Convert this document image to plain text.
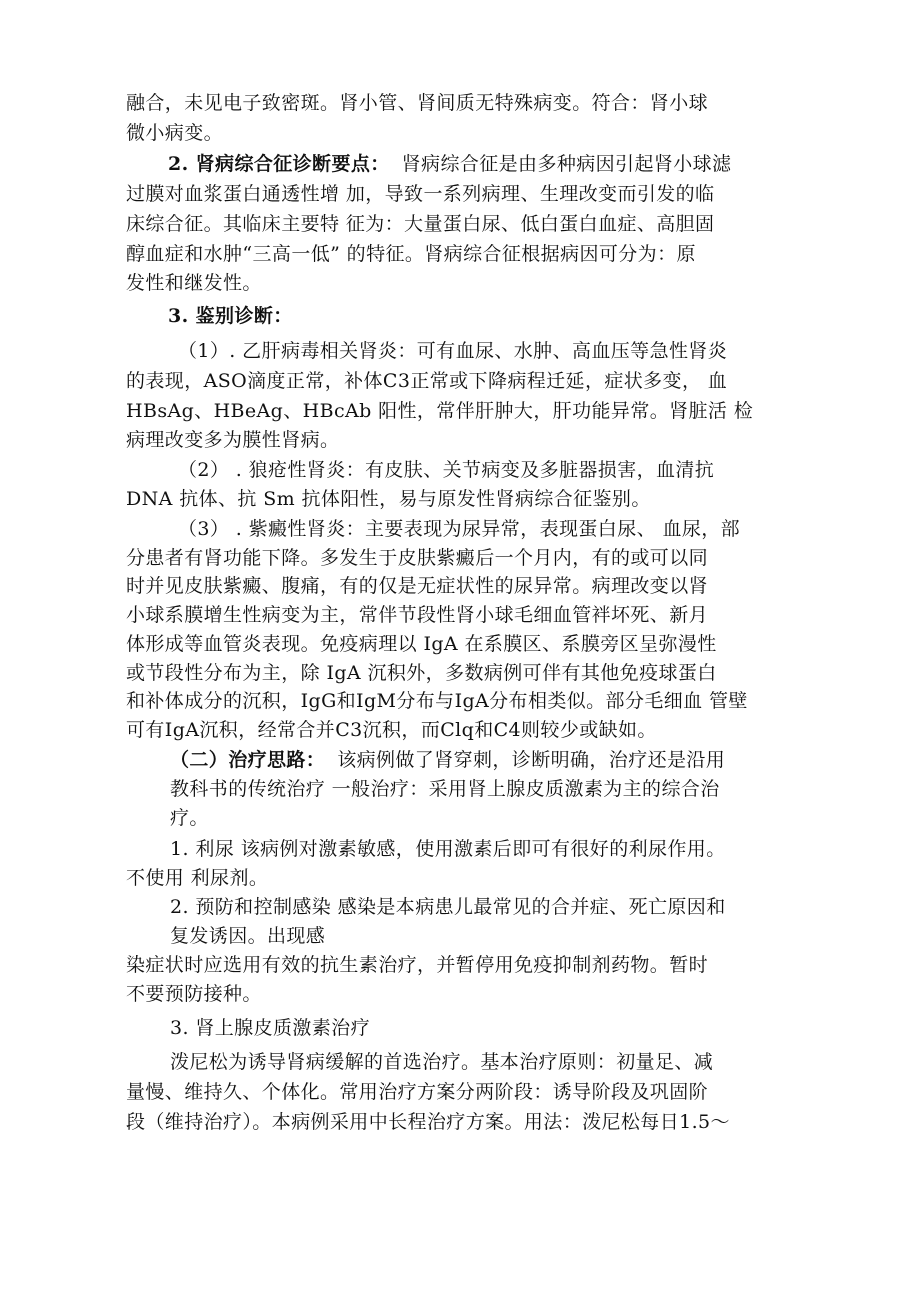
融合，未见电子致密斑。肾小管、肾间质无特殊病变。符合：肾小球
微小病变。
2. 肾病综合征诊断要点： 肾病综合征是由多种病因引起肾小球滤
过膜对血浆蛋白通透性增 加，导致一系列病理、生理改变而引发的临
床综合征。其临床主要特 征为：大量蛋白尿、低白蛋白血症、高胆固
醇血症和水肿“三高一低” 的特征。肾病综合征根据病因可分为：原
发性和继发性。
3. 鉴别诊断：
（1）. 乙肝病毒相关肾炎：可有血尿、水肿、高血压等急性肾炎
的表现，ASO滴度正常，补体C3正常或下降病程迁延，症状多变， 血
HBsAg、HBeAg、HBcAb 阳性，常伴肝肿大，肝功能异常。肾脏活 检
病理改变多为膜性肾病。
（2） . 狼疮性肾炎：有皮肤、关节病变及多脏器损害，血清抗
DNA 抗体、抗 Sm 抗体阳性，易与原发性肾病综合征鉴别。
（3） . 紫癜性肾炎：主要表现为尿异常，表现蛋白尿、 血尿，部
分患者有肾功能下降。多发生于皮肤紫癜后一个月内，有的或可以同
时并见皮肤紫癜、腹痛，有的仅是无症状性的尿异常。病理改变以肾
小球系膜增生性病变为主，常伴节段性肾小球毛细血管袢坏死、新月
体形成等血管炎表现。免疫病理以 IgA 在系膜区、系膜旁区呈弥漫性
或节段性分布为主，除 IgA 沉积外，多数病例可伴有其他免疫球蛋白
和补体成分的沉积，IgG和IgM分布与IgA分布相类似。部分毛细血 管壁
可有IgA沉积，经常合并C3沉积，而Clq和C4则较少或缺如。
（二）治疗思路： 该病例做了肾穿刺，诊断明确，治疗还是沿用
教科书的传统治疗 一般治疗：采用肾上腺皮质激素为主的综合治
疗。
1. 利尿 该病例对激素敏感，使用激素后即可有很好的利尿作用。
不使用 利尿剂。
2. 预防和控制感染 感染是本病患儿最常见的合并症、死亡原因和
复发诱因。出现感
染症状时应选用有效的抗生素治疗，并暂停用免疫抑制剂药物。暂时
不要预防接种。
3. 肾上腺皮质激素治疗
泼尼松为诱导肾病缓解的首选治疗。基本治疗原则：初量足、减
量慢、维持久、个体化。常用治疗方案分两阶段：诱导阶段及巩固阶
段（维持治疗）。本病例采用中长程治疗方案。用法：泼尼松每日1.5～
